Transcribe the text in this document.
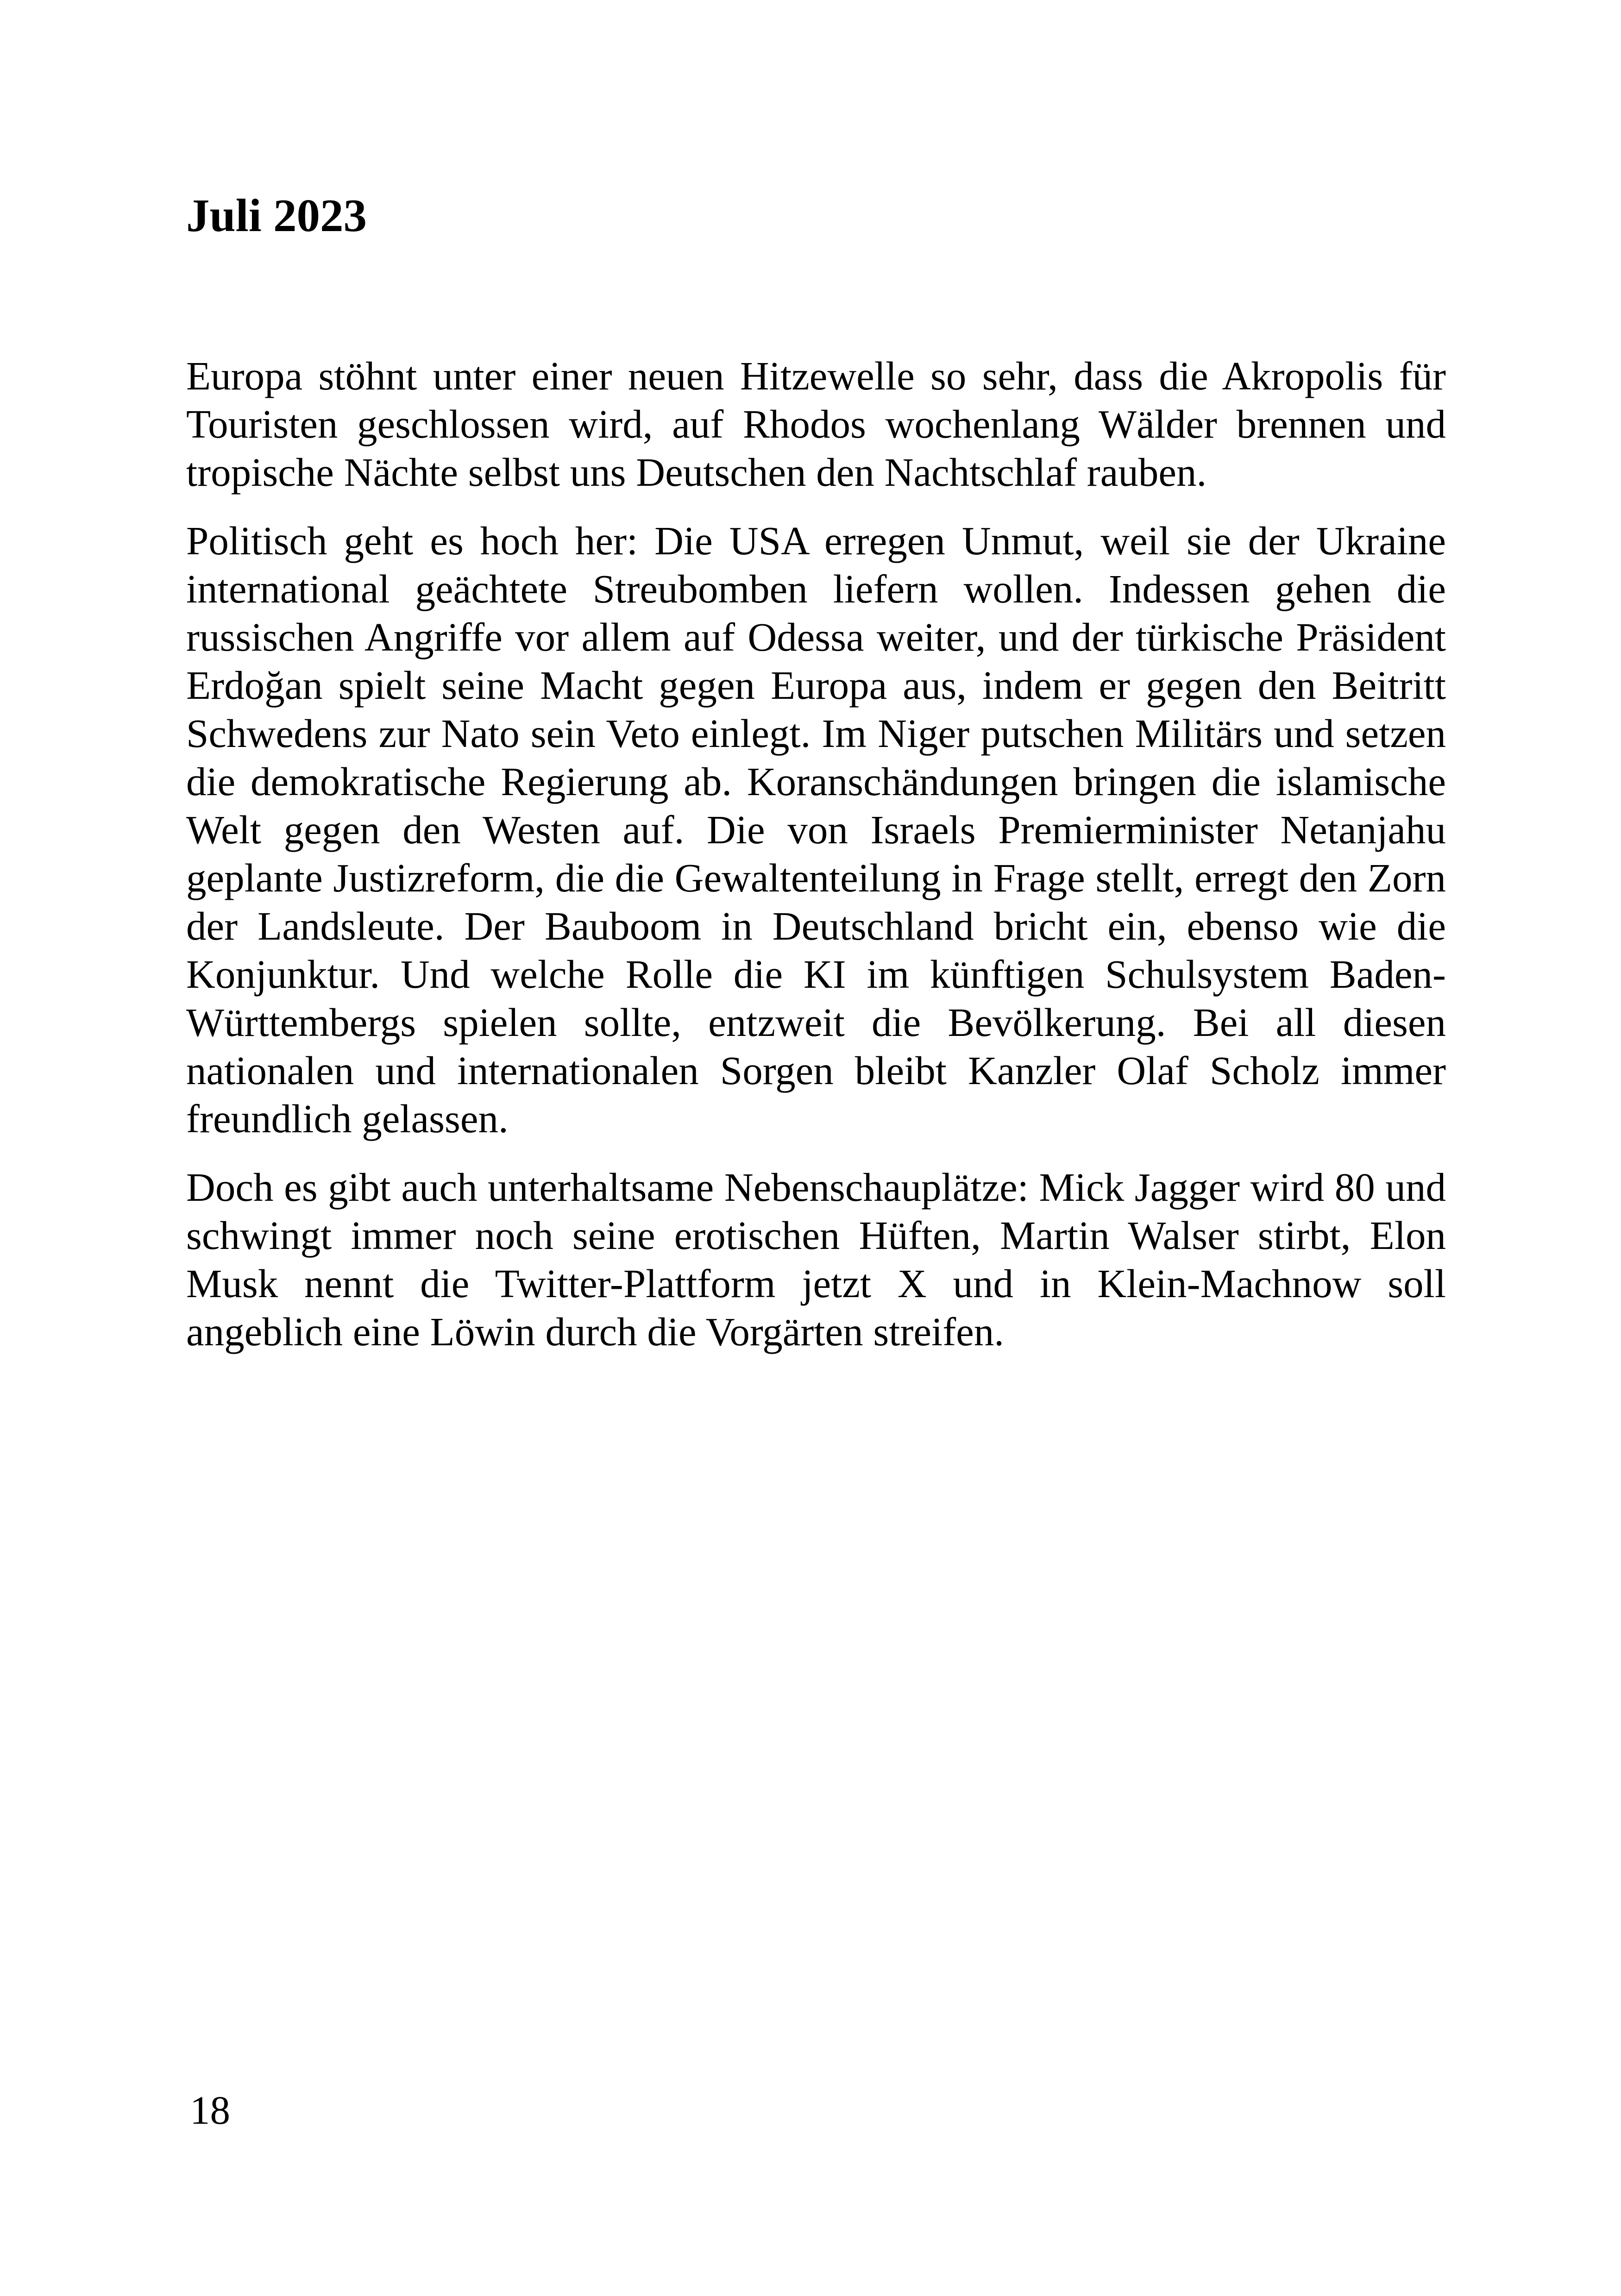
Juli 2023

Europa stöhnt unter einer neuen Hitzewelle so sehr, dass die Akropolis für Touristen geschlossen wird, auf Rhodos wochenlang Wälder brennen und tropische Nächte selbst uns Deutschen den Nachtschlaf rauben.

Politisch geht es hoch her: Die USA erregen Unmut, weil sie der Ukraine international geächtete Streubomben liefern wollen. Indessen gehen die russischen Angriffe vor allem auf Odessa weiter, und der türkische Präsident Erdoğan spielt seine Macht gegen Europa aus, indem er gegen den Beitritt Schwedens zur Nato sein Veto einlegt. Im Niger putschen Militärs und setzen die demokratische Regierung ab. Koranschändungen bringen die islamische Welt gegen den Westen auf. Die von Israels Premierminister Netanjahu geplante Justizreform, die die Gewaltenteilung in Frage stellt, erregt den Zorn der Landsleute. Der Bauboom in Deutschland bricht ein, ebenso wie die Konjunktur. Und welche Rolle die KI im künftigen Schulsystem Baden-Württembergs spielen sollte, entzweit die Bevölkerung. Bei all diesen nationalen und internationalen Sorgen bleibt Kanzler Olaf Scholz immer freundlich gelassen.

Doch es gibt auch unterhaltsame Nebenschauplätze: Mick Jagger wird 80 und schwingt immer noch seine erotischen Hüften, Martin Walser stirbt, Elon Musk nennt die Twitter-Plattform jetzt X und in Klein-Machnow soll angeblich eine Löwin durch die Vorgärten streifen.

18
